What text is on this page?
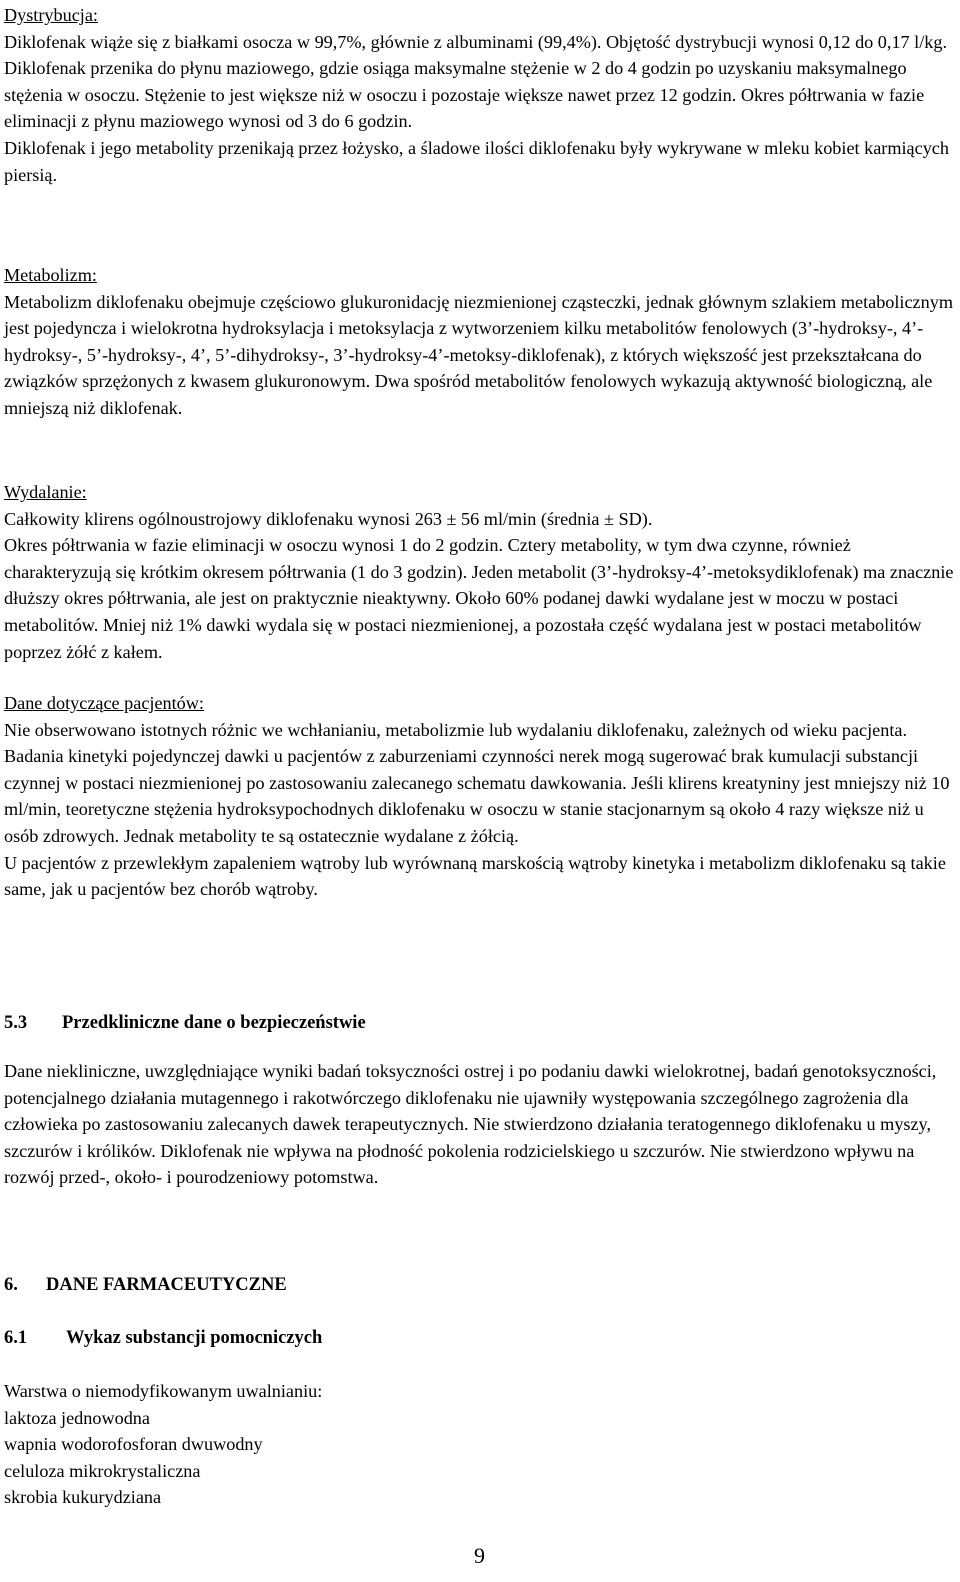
Dystrybucja:

Diklofenak wiąże się z białkami osocza w 99,7%, głównie z albuminami (99,4%). Objętość dystrybucji wynosi 0,12 do 0,17 l/kg.

Diklofenak przenika do płynu maziowego, gdzie osiąga maksymalne stężenie w 2 do 4 godzin po uzyskaniu maksymalnego stężenia w osoczu. Stężenie to jest większe niż w osoczu i pozostaje większe nawet przez 12 godzin. Okres półtrwania w fazie eliminacji z płynu maziowego wynosi od 3 do 6 godzin.

Diklofenak i jego metabolity przenikają przez łożysko, a śladowe ilości diklofenaku były wykrywane w mleku kobiet karmiących piersią.

Metabolizm:

Metabolizm diklofenaku obejmuje częściowo glukuronidację niezmienionej cząsteczki, jednak głównym szlakiem metabolicznym jest pojedyncza i wielokrotna hydroksylacja i metoksylacja z wytworzeniem kilku metabolitów fenolowych (3’-hydroksy-, 4’-hydroksy-, 5’-hydroksy-, 4’, 5’-dihydroksy-, 3’-hydroksy-4’-metoksy-diklofenak), z których większość jest przekształcana do związków sprzężonych z kwasem glukuronowym. Dwa spośród metabolitów fenolowych wykazują aktywność biologiczną, ale mniejszą niż diklofenak.

Wydalanie:

Całkowity klirens ogólnoustrojowy diklofenaku wynosi 263 ± 56 ml/min (średnia ± SD).

Okres półtrwania w fazie eliminacji w osoczu wynosi 1 do 2 godzin. Cztery metabolity, w tym dwa czynne, również charakteryzują się krótkim okresem półtrwania (1 do 3 godzin). Jeden metabolit (3’-hydroksy-4’-metoksydiklofenak) ma znacznie dłuższy okres półtrwania, ale jest on praktycznie nieaktywny. Około 60% podanej dawki wydalane jest w moczu w postaci metabolitów. Mniej niż 1% dawki wydala się w postaci niezmienionej, a pozostała część wydalana jest w postaci metabolitów poprzez żółć z kałem.

Dane dotyczące pacjentów:

Nie obserwowano istotnych różnic we wchłanianiu, metabolizmie lub wydalaniu diklofenaku, zależnych od wieku pacjenta.

Badania kinetyki pojedynczej dawki u pacjentów z zaburzeniami czynności nerek mogą sugerować brak kumulacji substancji czynnej w postaci niezmienionej po zastosowaniu zalecanego schematu dawkowania. Jeśli klirens kreatyniny jest mniejszy niż 10 ml/min, teoretyczne stężenia hydroksypochodnych diklofenaku w osoczu w stanie stacjonarnym są około 4 razy większe niż u osób zdrowych. Jednak metabolity te są ostatecznie wydalane z żółcią.

U pacjentów z przewlekłym zapaleniem wątroby lub wyrównaną marskością wątroby kinetyka i metabolizm diklofenaku są takie same, jak u pacjentów bez chorób wątroby.

5.3 Przedkliniczne dane o bezpieczeństwie

Dane niekliniczne, uwzględniające wyniki badań toksyczności ostrej i po podaniu dawki wielokrotnej, badań genotoksyczności, potencjalnego działania mutagennego i rakotwórczego diklofenaku nie ujawniły występowania szczególnego zagrożenia dla człowieka po zastosowaniu zalecanych dawek terapeutycznych. Nie stwierdzono działania teratogennego diklofenaku u myszy, szczurów i królików. Diklofenak nie wpływa na płodność pokolenia rodzicielskiego u szczurów. Nie stwierdzono wpływu na rozwój przed-, około- i pourodzeniowy potomstwa.

6. DANE FARMACEUTYCZNE
6.1 Wykaz substancji pomocniczych

Warstwa o niemodyfikowanym uwalnianiu:

laktoza jednowodna

wapnia wodorofosforan dwuwodny

celuloza mikrokrystaliczna

skrobia kukurydziana

9
